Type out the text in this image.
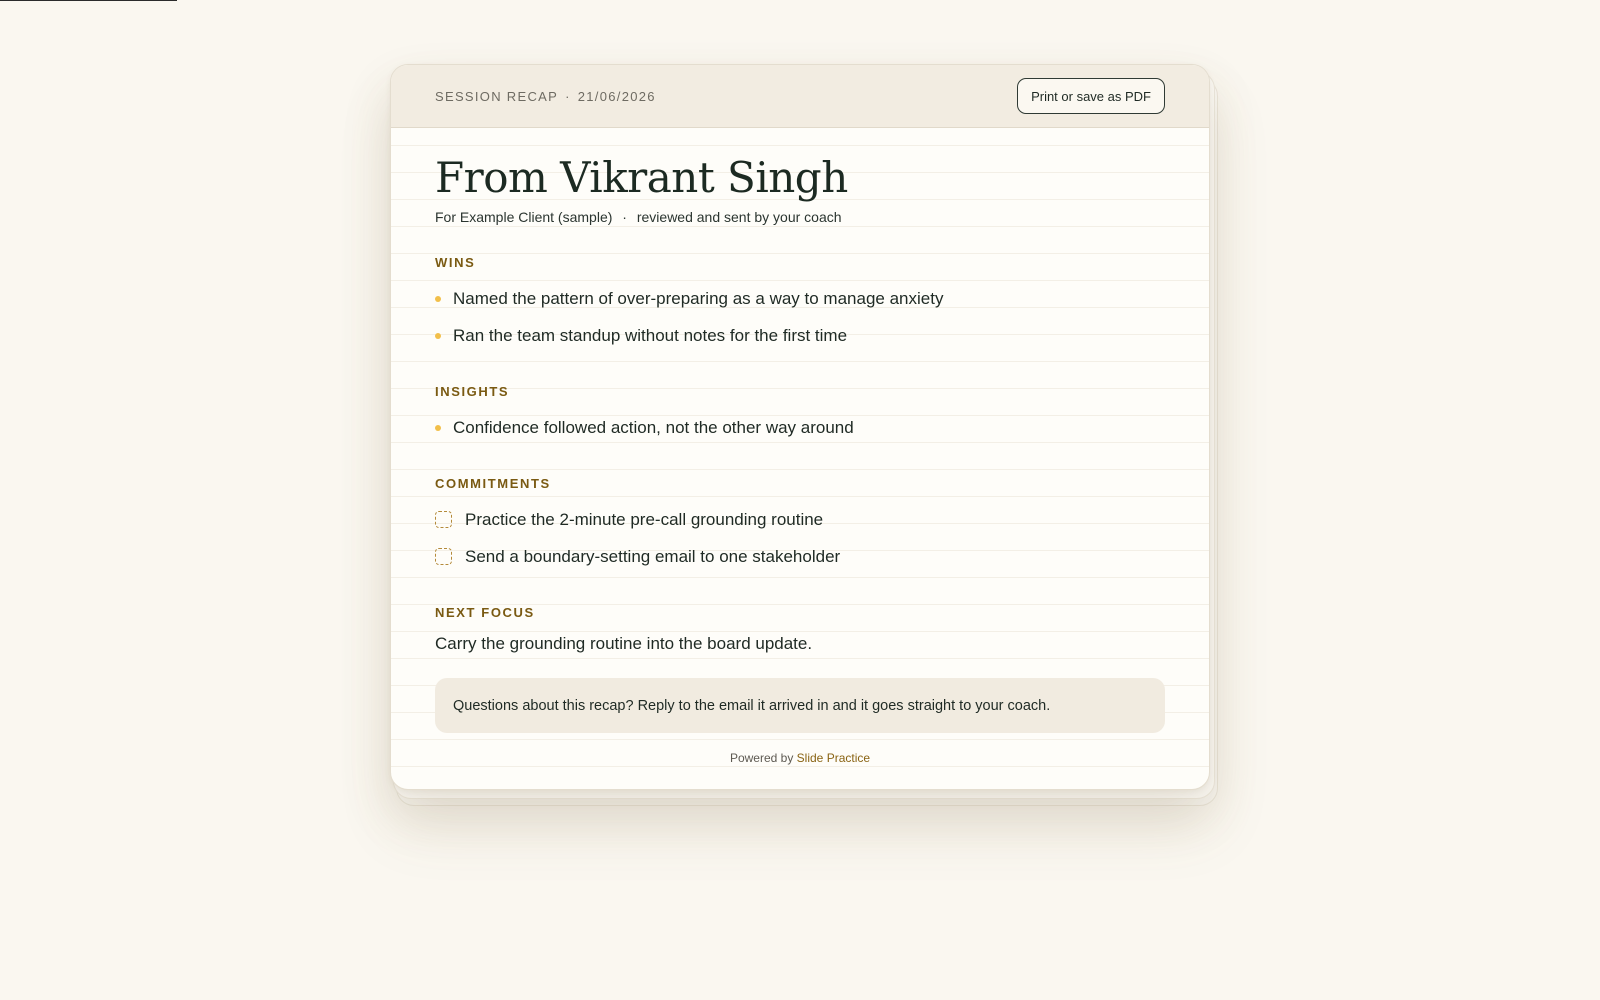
SESSION RECAP · 21/06/2026	Print or save as PDF
From Vikrant Singh
For Example Client (sample) · reviewed and sent by your coach
WINS
Named the pattern of over-preparing as a way to manage anxiety
Ran the team standup without notes for the first time
INSIGHTS
Confidence followed action, not the other way around
COMMITMENTS
Practice the 2-minute pre-call grounding routine
Send a boundary-setting email to one stakeholder
NEXT FOCUS
Carry the grounding routine into the board update.
Questions about this recap? Reply to the email it arrived in and it goes straight to your coach.
Powered by Slide Practice
